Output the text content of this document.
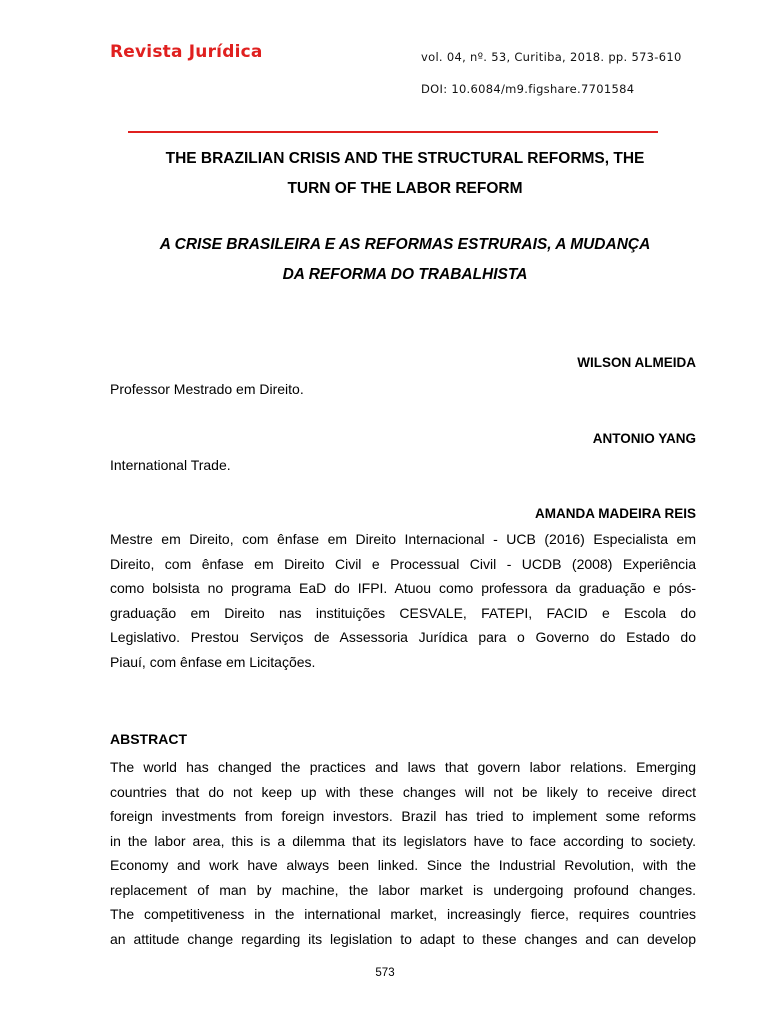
Revista Jurídica	vol. 04, nº. 53, Curitiba, 2018. pp. 573-610
DOI: 10.6084/m9.figshare.7701584
THE BRAZILIAN CRISIS AND THE STRUCTURAL REFORMS, THE
TURN OF THE LABOR REFORM
A CRISE BRASILEIRA E AS REFORMAS ESTRURAIS, A MUDANÇA
DA REFORMA DO TRABALHISTA
WILSON ALMEIDA
Professor Mestrado em Direito.
ANTONIO YANG
International Trade.
AMANDA MADEIRA REIS
Mestre em Direito, com ênfase em Direito Internacional - UCB (2016) Especialista em
Direito, com ênfase em Direito Civil e Processual Civil - UCDB (2008) Experiência
como bolsista no programa EaD do IFPI. Atuou como professora da graduação e pós-
graduação em Direito nas instituições CESVALE, FATEPI, FACID e Escola do
Legislativo. Prestou Serviços de Assessoria Jurídica para o Governo do Estado do
Piauí, com ênfase em Licitações.
ABSTRACT
The world has changed the practices and laws that govern labor relations. Emerging
countries that do not keep up with these changes will not be likely to receive direct
foreign investments from foreign investors. Brazil has tried to implement some reforms
in the labor area, this is a dilemma that its legislators have to face according to society.
Economy and work have always been linked. Since the Industrial Revolution, with the
replacement of man by machine, the labor market is undergoing profound changes.
The competitiveness in the international market, increasingly fierce, requires countries
an attitude change regarding its legislation to adapt to these changes and can develop
573
